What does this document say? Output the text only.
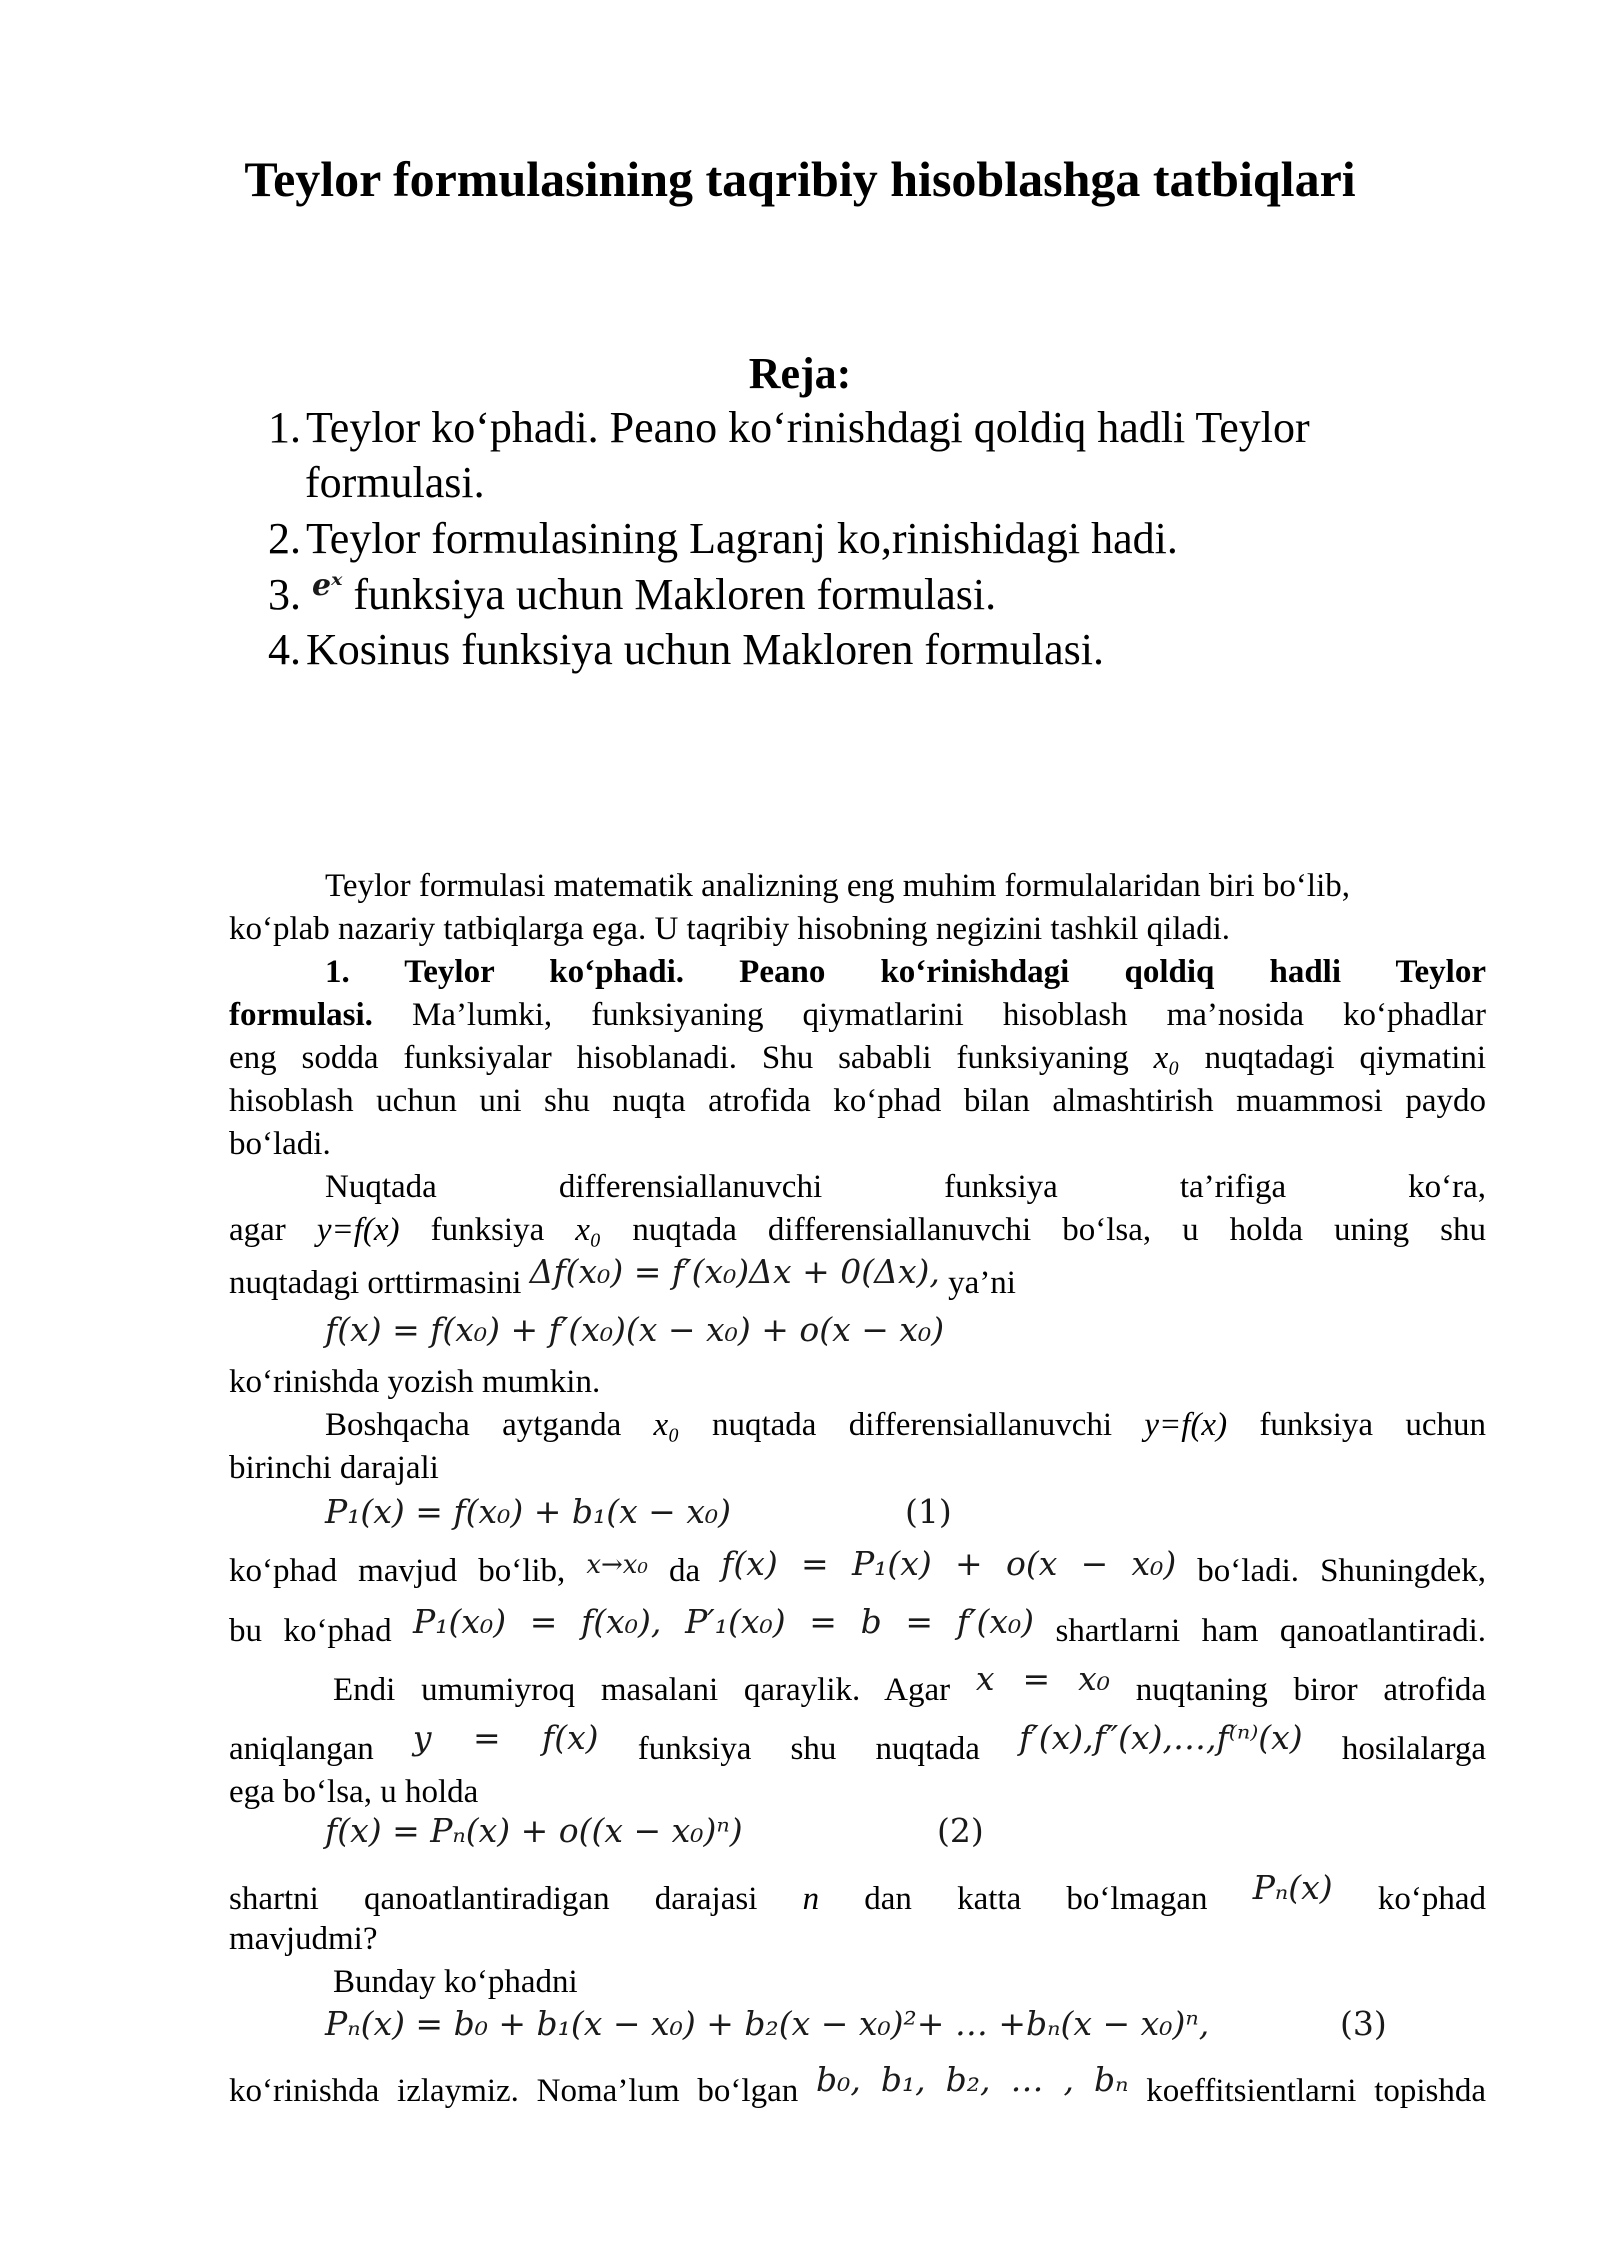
Teylor formulasining taqribiy hisoblashga tatbiqlari
Reja:
1. Teylor ko‘phadi. Peano ko‘rinishdagi qoldiq hadli Teylor
formulasi.
2. Teylor formulasining Lagranj ko,rinishidagi hadi.
3. $^{eˣ}$ funksiya uchun Makloren formulasi.
4. Kosinus funksiya uchun Makloren formulasi.
Teylor formulasi matematik analizning eng muhim formulalaridan biri bo‘lib,
ko‘plab nazariy tatbiqlarga ega. U taqribiy hisobning negizini tashkil qiladi.
1. Teylor ko‘phadi. Peano ko‘rinishdagi qoldiq hadli Teylor
formulasi. Ma’lumki, funksiyaning qiymatlarini hisoblash ma’nosida ko‘phadlar
eng sodda funksiyalar hisoblanadi. Shu sababli funksiyaning x₀ nuqtadagi qiymatini
hisoblash uchun uni shu nuqta atrofida ko‘phad bilan almashtirish muammosi paydo
bo‘ladi.
Nuqtada differensiallanuvchi funksiya ta’rifiga ko‘ra,
agar y=f(x) funksiya x₀ nuqtada differensiallanuvchi bo‘lsa, u holda uning shu
nuqtadagi orttirmasini Δf(x₀) = f′(x₀)Δx + 0(Δx), ya’ni
f(x) = f(x₀) + f′(x₀)(x − x₀) + o(x − x₀)
ko‘rinishda yozish mumkin.
Boshqacha aytganda x₀ nuqtada differensiallanuvchi y=f(x) funksiya uchun
birinchi darajali
P₁(x) = f(x₀) + b₁(x − x₀)	(1)
ko‘phad mavjud bo‘lib, $^{x\to x_0}$ da f(x) = P₁(x) + o(x − x₀) bo‘ladi. Shuningdek,
bu ko‘phad P₁(x₀) = f(x₀), P′₁(x₀) = b = f′(x₀) shartlarni ham qanoatlantiradi.
Endi umumiyroq masalani qaraylik. Agar x = x₀ nuqtaning biror atrofida
aniqlangan y = f(x) funksiya shu nuqtada f′(x),f″(x),…,f⁽ⁿ⁾(x) hosilalarga
ega bo‘lsa, u holda
f(x) = Pₙ(x) + o((x − x₀)ⁿ)	(2)
shartni qanoatlantiradigan darajasi n dan katta bo‘lmagan Pₙ(x) ko‘phad
mavjudmi?
Bunday ko‘phadni
Pₙ(x) = b₀ + b₁(x − x₀) + b₂(x − x₀)²+ … +bₙ(x − x₀)ⁿ,	(3)
ko‘rinishda izlaymiz. Noma’lum bo‘lgan b₀, b₁, b₂, … , bₙ koeffitsientlarni topishda
